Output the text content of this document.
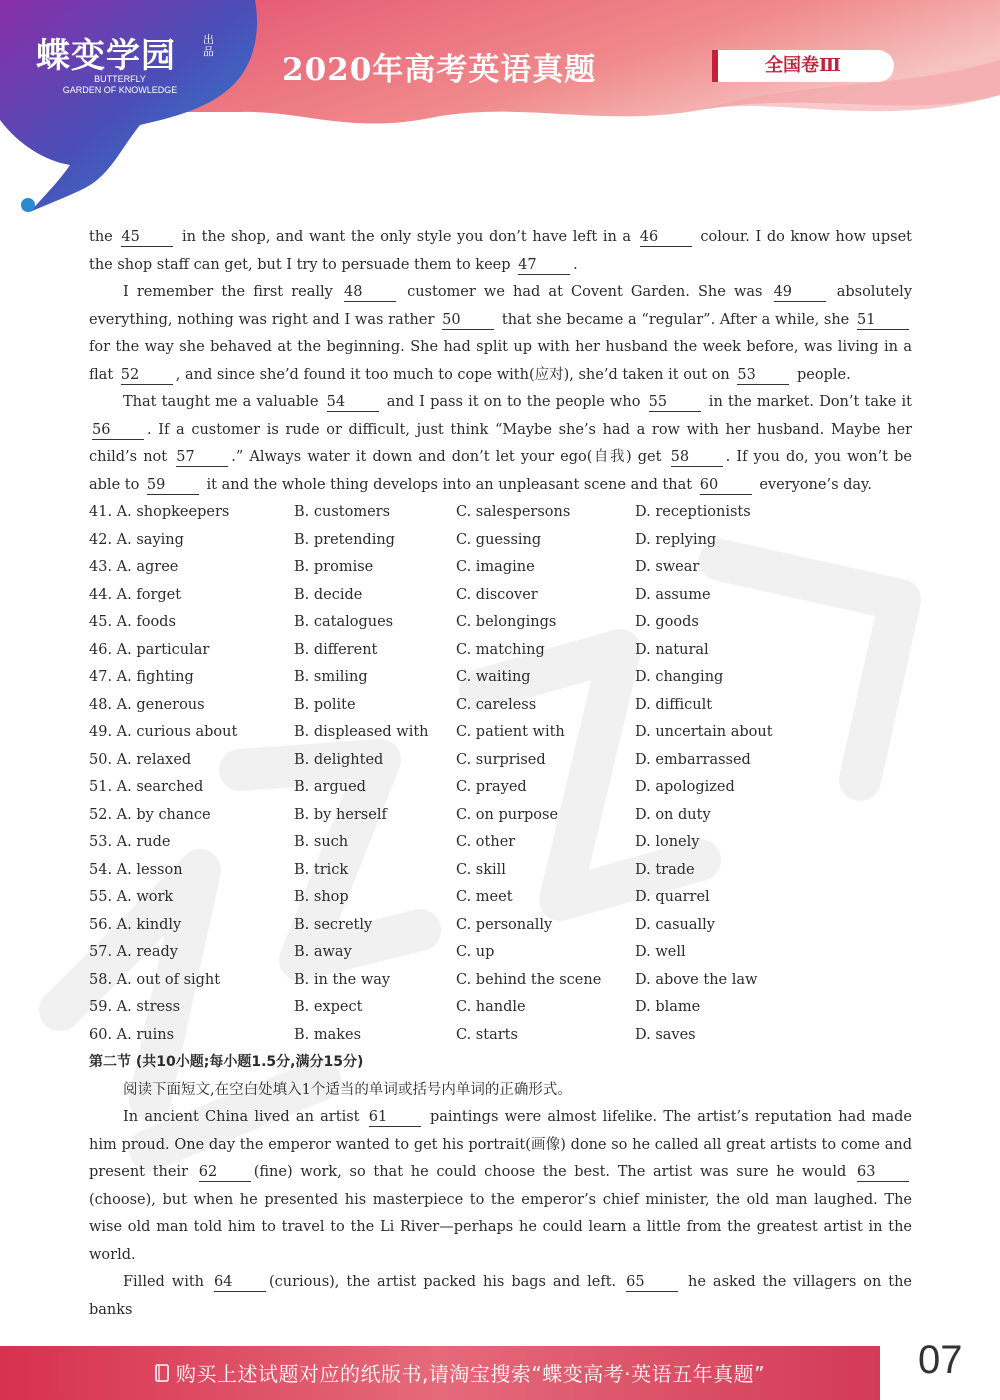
蝶变学园 出品
BUTTERFLY
GARDEN OF KNOWLEDGE
2020年高考英语真题	全国卷Ⅲ
the 45	in the shop, and want the only style you don’t have left in a 46	colour. I do know how upset the shop staff can get, but I try to persuade them to keep 47	.
I remember the first really 48	customer we had at Covent Garden. She was 49	absolutely everything, nothing was right and I was rather 50	that she became a “regular”. After a while, she 51 for the way she behaved at the beginning. She had split up with her husband the week before, was living in a flat 52	, and since she’d found it too much to cope with(应对), she’d taken it out on 53	people.
That taught me a valuable 54	and I pass it on to the people who 55	in the market. Don’t take it 56	. If a customer is rude or difficult, just think “Maybe she’s had a row with her husband. Maybe her child’s not 57	.” Always water it down and don’t let your ego(自我) get 58	. If you do, you won’t be able to 59	it and the whole thing develops into an unpleasant scene and that 60	everyone’s day.
41. A. shopkeepers	B. customers	C. salespersons	D. receptionists
42. A. saying	B. pretending	C. guessing	D. replying
43. A. agree	B. promise	C. imagine	D. swear
44. A. forget	B. decide	C. discover	D. assume
45. A. foods	B. catalogues	C. belongings	D. goods
46. A. particular	B. different	C. matching	D. natural
47. A. fighting	B. smiling	C. waiting	D. changing
48. A. generous	B. polite	C. careless	D. difficult
49. A. curious about	B. displeased with	C. patient with	D. uncertain about
50. A. relaxed	B. delighted	C. surprised	D. embarrassed
51. A. searched	B. argued	C. prayed	D. apologized
52. A. by chance	B. by herself	C. on purpose	D. on duty
53. A. rude	B. such	C. other	D. lonely
54. A. lesson	B. trick	C. skill	D. trade
55. A. work	B. shop	C. meet	D. quarrel
56. A. kindly	B. secretly	C. personally	D. casually
57. A. ready	B. away	C. up	D. well
58. A. out of sight	B. in the way	C. behind the scene	D. above the law
59. A. stress	B. expect	C. handle	D. blame
60. A. ruins	B. makes	C. starts	D. saves
第二节 (共10小题;每小题1.5分,满分15分)
阅读下面短文,在空白处填入1个适当的单词或括号内单词的正确形式。
In ancient China lived an artist 61	paintings were almost lifelike. The artist’s reputation had made him proud. One day the emperor wanted to get his portrait(画像) done so he called all great artists to come and present their 62	(fine) work, so that he could choose the best. The artist was sure he would 63(choose), but when he presented his masterpiece to the emperor’s chief minister, the old man laughed. The wise old man told him to travel to the Li River—perhaps he could learn a little from the greatest artist in the world.
Filled with 64	(curious), the artist packed his bags and left. 65	he asked the villagers on the banks
购买上述试题对应的纸版书,请淘宝搜索“蝶变高考·英语五年真题”	07
